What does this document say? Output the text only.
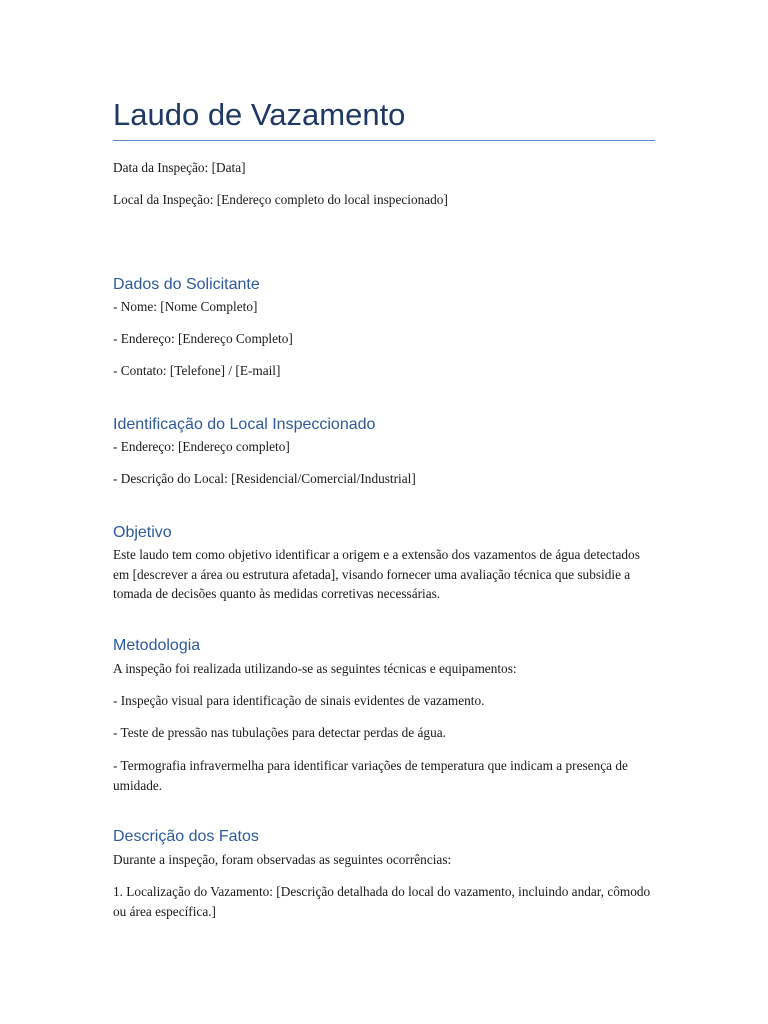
Laudo de Vazamento

Data da Inspeção: [Data]

Local da Inspeção: [Endereço completo do local inspecionado]

Dados do Solicitante

- Nome: [Nome Completo]

- Endereço: [Endereço Completo]

- Contato: [Telefone] / [E-mail]

Identificação do Local Inspeccionado

- Endereço: [Endereço completo]

- Descrição do Local: [Residencial/Comercial/Industrial]

Objetivo

Este laudo tem como objetivo identificar a origem e a extensão dos vazamentos de água detectados em [descrever a área ou estrutura afetada], visando fornecer uma avaliação técnica que subsidie a tomada de decisões quanto às medidas corretivas necessárias.

Metodologia

A inspeção foi realizada utilizando-se as seguintes técnicas e equipamentos:

- Inspeção visual para identificação de sinais evidentes de vazamento.

- Teste de pressão nas tubulações para detectar perdas de água.

- Termografia infravermelha para identificar variações de temperatura que indicam a presença de umidade.

Descrição dos Fatos

Durante a inspeção, foram observadas as seguintes ocorrências:

1. Localização do Vazamento: [Descrição detalhada do local do vazamento, incluindo andar, cômodo ou área específica.]
